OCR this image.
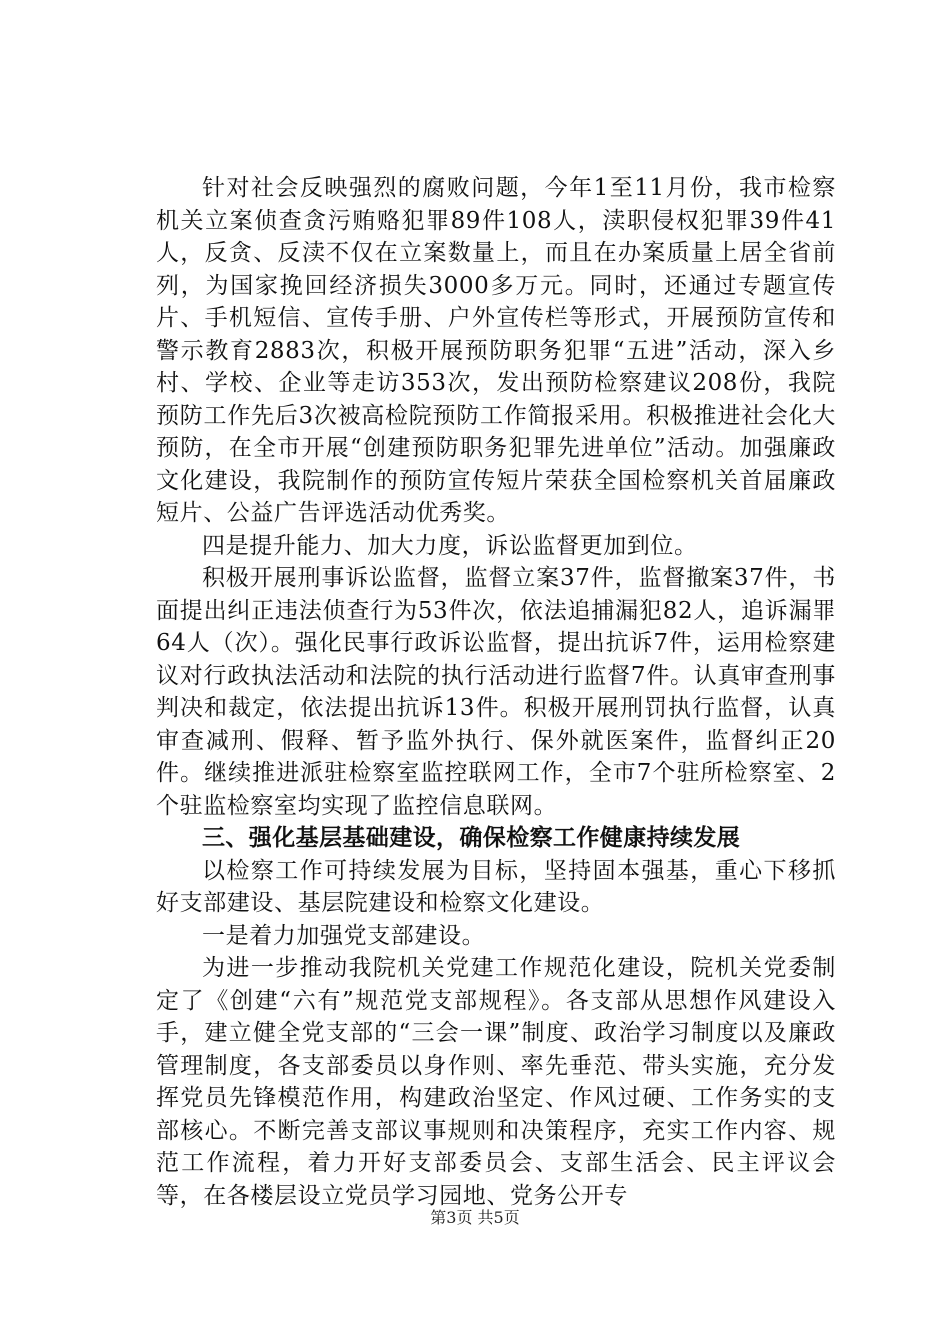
针对社会反映强烈的腐败问题，今年1至11月份，我市检察机关立案侦查贪污贿赂犯罪89件108人，渎职侵权犯罪39件41人，反贪、反渎不仅在立案数量上，而且在办案质量上居全省前列，为国家挽回经济损失3000多万元。同时，还通过专题宣传片、手机短信、宣传手册、户外宣传栏等形式，开展预防宣传和警示教育2883次，积极开展预防职务犯罪“五进”活动，深入乡村、学校、企业等走访353次，发出预防检察建议208份，我院预防工作先后3次被高检院预防工作简报采用。积极推进社会化大预防，在全市开展“创建预防职务犯罪先进单位”活动。加强廉政文化建设，我院制作的预防宣传短片荣获全国检察机关首届廉政短片、公益广告评选活动优秀奖。

四是提升能力、加大力度，诉讼监督更加到位。

积极开展刑事诉讼监督，监督立案37件，监督撤案37件，书面提出纠正违法侦查行为53件次，依法追捕漏犯82人，追诉漏罪64人（次）。强化民事行政诉讼监督，提出抗诉7件，运用检察建议对行政执法活动和法院的执行活动进行监督7件。认真审查刑事判决和裁定，依法提出抗诉13件。积极开展刑罚执行监督，认真审查减刑、假释、暂予监外执行、保外就医案件，监督纠正20件。继续推进派驻检察室监控联网工作，全市7个驻所检察室、2个驻监检察室均实现了监控信息联网。

三、强化基层基础建设，确保检察工作健康持续发展

以检察工作可持续发展为目标，坚持固本强基，重心下移抓好支部建设、基层院建设和检察文化建设。

一是着力加强党支部建设。

为进一步推动我院机关党建工作规范化建设，院机关党委制定了《创建“六有”规范党支部规程》。各支部从思想作风建设入手，建立健全党支部的“三会一课”制度、政治学习制度以及廉政管理制度，各支部委员以身作则、率先垂范、带头实施，充分发挥党员先锋模范作用，构建政治坚定、作风过硬、工作务实的支部核心。不断完善支部议事规则和决策程序，充实工作内容、规范工作流程，着力开好支部委员会、支部生活会、民主评议会等，在各楼层设立党员学习园地、党务公开专

第3页 共5页
